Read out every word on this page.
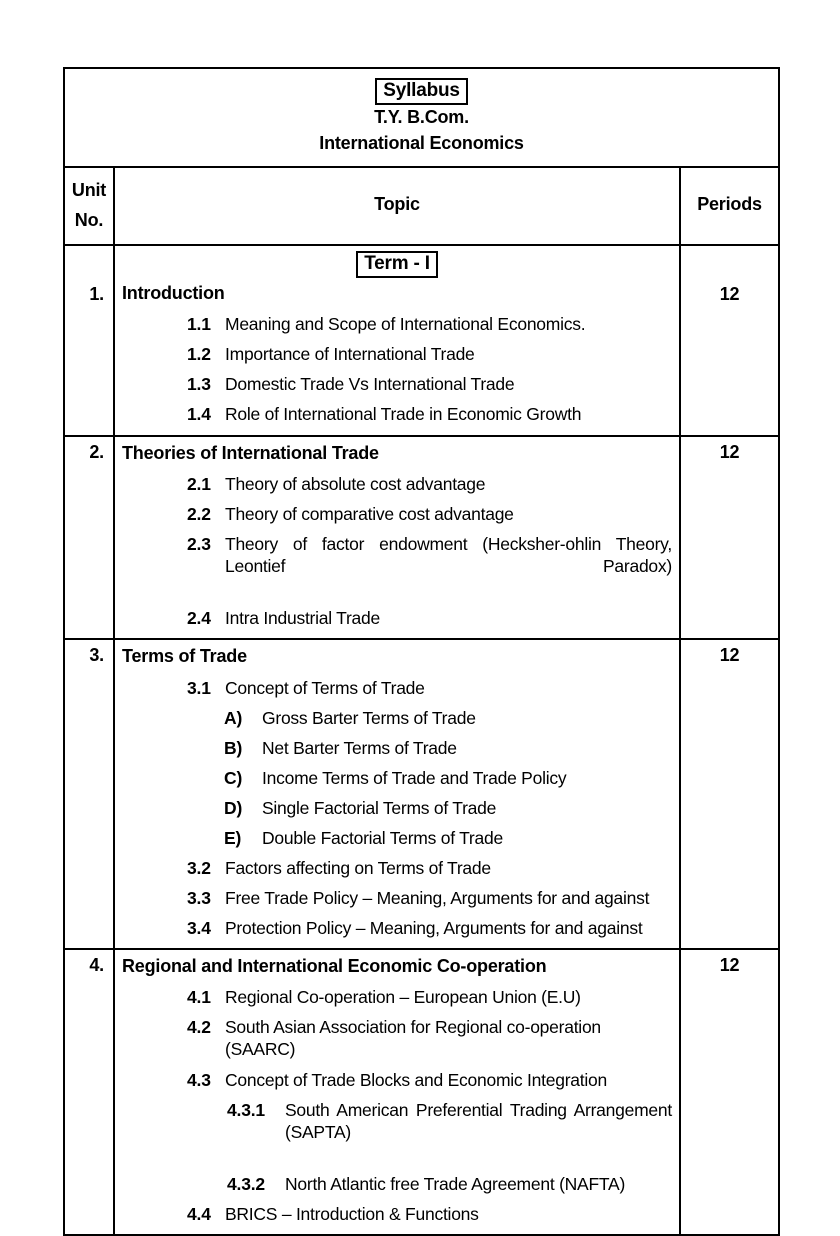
Syllabus
T.Y. B.Com.
International Economics		

Unit
No.	Topic	Periods
1.	
Term - I
Introduction
1.1 Meaning and Scope of International Economics.
1.2 Importance of International Trade
1.3 Domestic Trade Vs International Trade
1.4 Role of International Trade in Economic Growth
	12
2.	Theories of International Trade
2.1 Theory of absolute cost advantage
2.2 Theory of comparative cost advantage
2.3 Theory of factor endowment (Hecksher-ohlin Theory, Leontief Paradox)
2.4 Intra Industrial Trade
	12
3.	Terms of Trade
3.1 Concept of Terms of Trade
A)	Gross Barter Terms of Trade
B)	Net Barter Terms of Trade
C)	Income Terms of Trade and Trade Policy
D)	Single Factorial Terms of Trade
E)	Double Factorial Terms of Trade
3.2 Factors affecting on Terms of Trade
3.3 Free Trade Policy – Meaning, Arguments for and against
3.4 Protection Policy – Meaning, Arguments for and against
	12
4.	Regional and International Economic Co-operation
4.1 Regional Co-operation – European Union (E.U)
4.2 South Asian Association for Regional co-operation (SAARC)
4.3 Concept of Trade Blocks and Economic Integration
4.3.1	South American Preferential Trading Arrangement (SAPTA)
4.3.2	North Atlantic free Trade Agreement (NAFTA)
4.4 BRICS – Introduction & Functions
	12
